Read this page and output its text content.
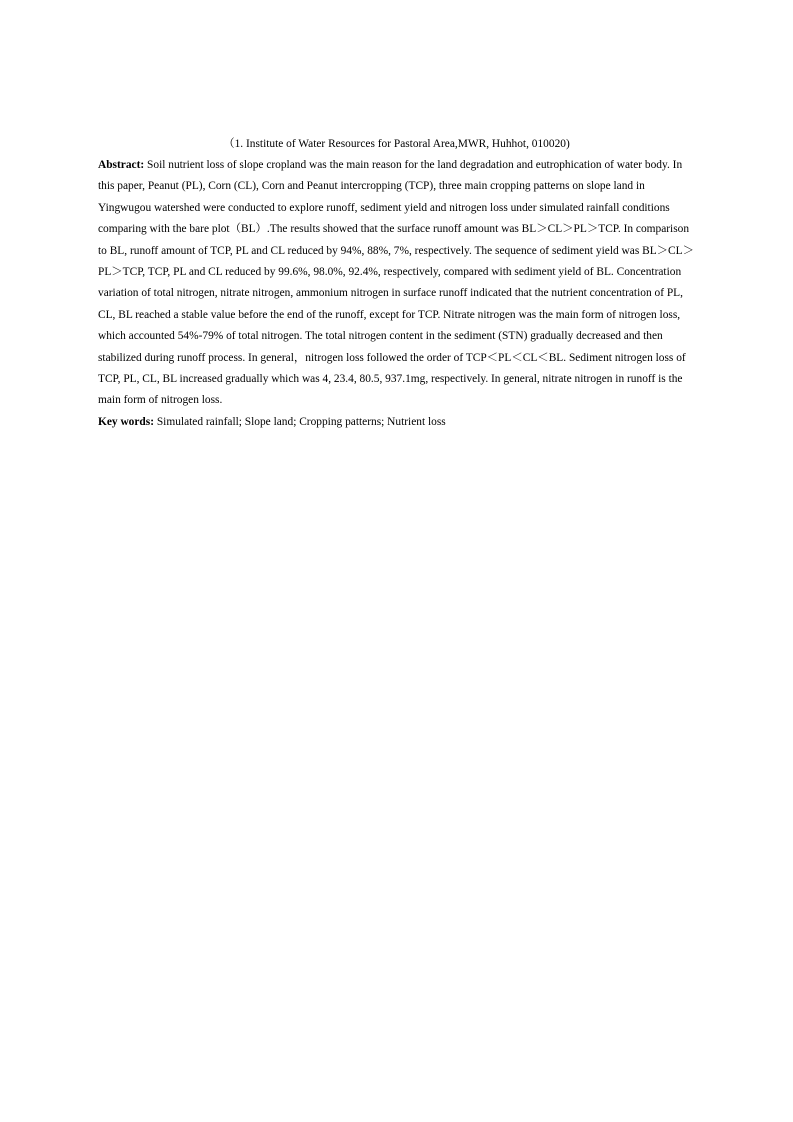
（1. Institute of Water Resources for Pastoral Area,MWR, Huhhot, 010020)

Abstract: Soil nutrient loss of slope cropland was the main reason for the land degradation and eutrophication of water body. In this paper, Peanut (PL), Corn (CL), Corn and Peanut intercropping (TCP), three main cropping patterns on slope land in Yingwugou watershed were conducted to explore runoff, sediment yield and nitrogen loss under simulated rainfall conditions comparing with the bare plot（BL）.The results showed that the surface runoff amount was BL＞CL＞PL＞TCP. In comparison to BL, runoff amount of TCP, PL and CL reduced by 94%, 88%, 7%, respectively. The sequence of sediment yield was BL＞CL＞PL＞TCP, TCP, PL and CL reduced by 99.6%, 98.0%, 92.4%, respectively, compared with sediment yield of BL. Concentration variation of total nitrogen, nitrate nitrogen, ammonium nitrogen in surface runoff indicated that the nutrient concentration of PL, CL, BL reached a stable value before the end of the runoff, except for TCP. Nitrate nitrogen was the main form of nitrogen loss, which accounted 54%-79% of total nitrogen. The total nitrogen content in the sediment (STN) gradually decreased and then stabilized during runoff process. In general，nitrogen loss followed the order of TCP＜PL＜CL＜BL. Sediment nitrogen loss of TCP, PL, CL, BL increased gradually which was 4, 23.4, 80.5, 937.1mg, respectively. In general, nitrate nitrogen in runoff is the main form of nitrogen loss.

Key words: Simulated rainfall; Slope land; Cropping patterns; Nutrient loss
